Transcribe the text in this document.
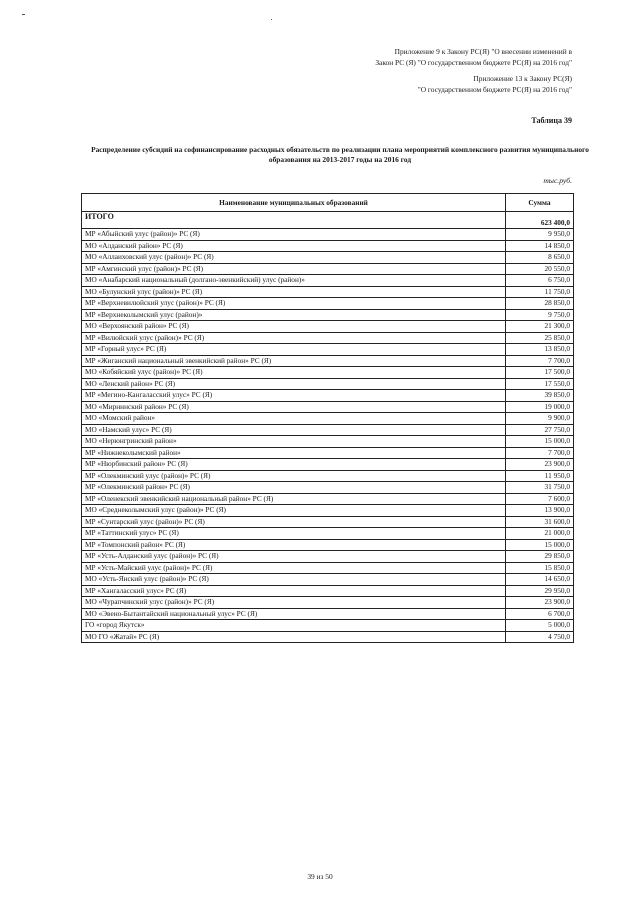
Приложение 9 к Закону РС(Я) "О внесении изменений в
Закон РС (Я) "О государственном бюджете РС(Я) на 2016 год"
Приложение 13 к Закону РС(Я)
"О государственном бюджете РС(Я) на 2016 год"
Таблица 39
Распределение субсидий на софинансирование расходных обязательств по реализации плана мероприятий комплексного развития муниципального образования на 2013-2017 годы на 2016 год
тыс.руб.
Наименование муниципальных образований	Сумма
ИТОГО	623 400,0
МР «Абыйский улус (район)» РС (Я)	9 950,0
МО «Алданский район» РС (Я)	14 850,0
МО «Аллаиховский улус (район)» РС (Я)	8 650,0
МР «Амгинский улус (район)» РС (Я)	20 550,0
МО «Анабарский национальный (долгано-эвенкийский) улус (район)»	6 750,0
МО «Булунский улус (район)» РС (Я)	11 750,0
МР «Верхневилюйский улус (район)» РС (Я)	28 850,0
МР «Верхнеколымский улус (район)»	9 750,0
МО «Верхоянский район» РС (Я)	21 300,0
МР «Вилюйский улус (район)» РС (Я)	25 850,0
МР «Горный улус» РС (Я)	13 850,0
МР «Жиганский национальный эвенкийский район» РС (Я)	7 700,0
МО «Кобяйский улус (район)» РС (Я)	17 500,0
МО «Ленский район» РС (Я)	17 550,0
МР «Мегино-Кангаласский улус» РС (Я)	39 850,0
МО «Мирнинский район» РС (Я)	19 000,0
МО «Момский район»	9 900,0
МО «Намский улус» РС (Я)	27 750,0
МО «Нерюнгринский район»	15 000,0
МР «Нижнеколымский район»	7 700,0
МР «Нюрбинский район» РС (Я)	23 900,0
МР «Олекминский улус (район)» РС (Я)	11 950,0
МР «Олекминский район» РС (Я)	31 750,0
МР «Оленекский эвенкийский национальный район» РС (Я)	7 600,0
МО «Среднеколымский улус (район)» РС (Я)	13 900,0
МР «Сунтарский улус (район)» РС (Я)	31 600,0
МР «Таттинский улус» РС (Я)	21 000,0
МР «Томпонский район» РС (Я)	15 000,0
МР «Усть-Алданский улус (район)» РС (Я)	29 850,0
МР «Усть-Майский улус (район)» РС (Я)	15 850,0
МО «Усть-Янский улус (район)» РС (Я)	14 650,0
МР «Хангаласский улус» РС (Я)	29 950,0
МО «Чурапчинский улус (район)» РС (Я)	23 900,0
МО «Эвено-Бытантайский национальный улус» РС (Я)	6 700,0
ГО «город Якутск»	5 000,0
МО ГО «Жатай» РС (Я)	4 750,0
39 из 50
